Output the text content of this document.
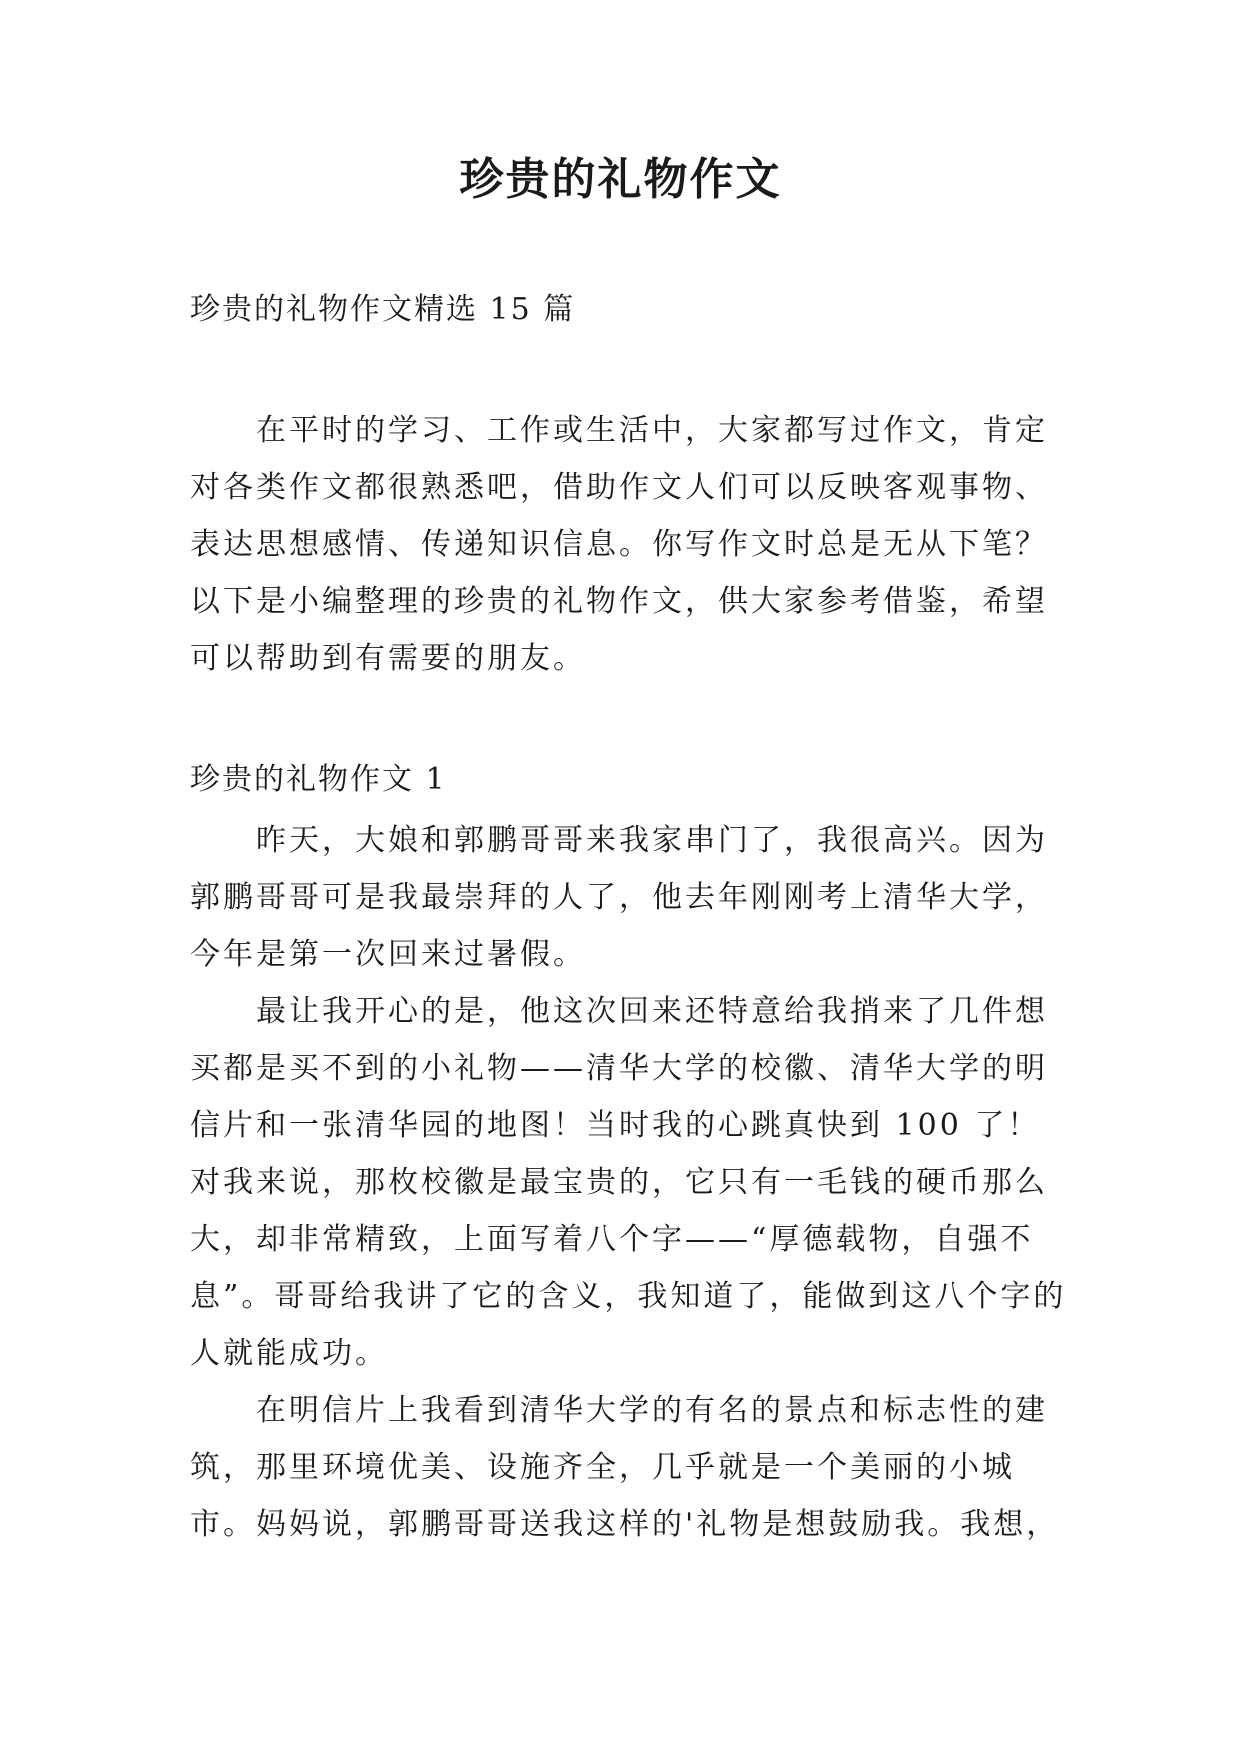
珍贵的礼物作文
珍贵的礼物作文精选 15 篇

在平时的学习、工作或生活中，大家都写过作文，肯定对各类作文都很熟悉吧，借助作文人们可以反映客观事物、表达思想感情、传递知识信息。你写作文时总是无从下笔？以下是小编整理的珍贵的礼物作文，供大家参考借鉴，希望可以帮助到有需要的朋友。

珍贵的礼物作文 1

昨天，大娘和郭鹏哥哥来我家串门了，我很高兴。因为郭鹏哥哥可是我最崇拜的人了，他去年刚刚考上清华大学，今年是第一次回来过暑假。

最让我开心的是，他这次回来还特意给我捎来了几件想买都是买不到的小礼物——清华大学的校徽、清华大学的明信片和一张清华园的地图！当时我的心跳真快到 100 了！对我来说，那枚校徽是最宝贵的，它只有一毛钱的硬币那么大，却非常精致，上面写着八个字——“厚德载物，自强不息”。哥哥给我讲了它的含义，我知道了，能做到这八个字的人就能成功。

在明信片上我看到清华大学的有名的景点和标志性的建筑，那里环境优美、设施齐全，几乎就是一个美丽的小城市。妈妈说，郭鹏哥哥送我这样的'礼物是想鼓励我。我想，
